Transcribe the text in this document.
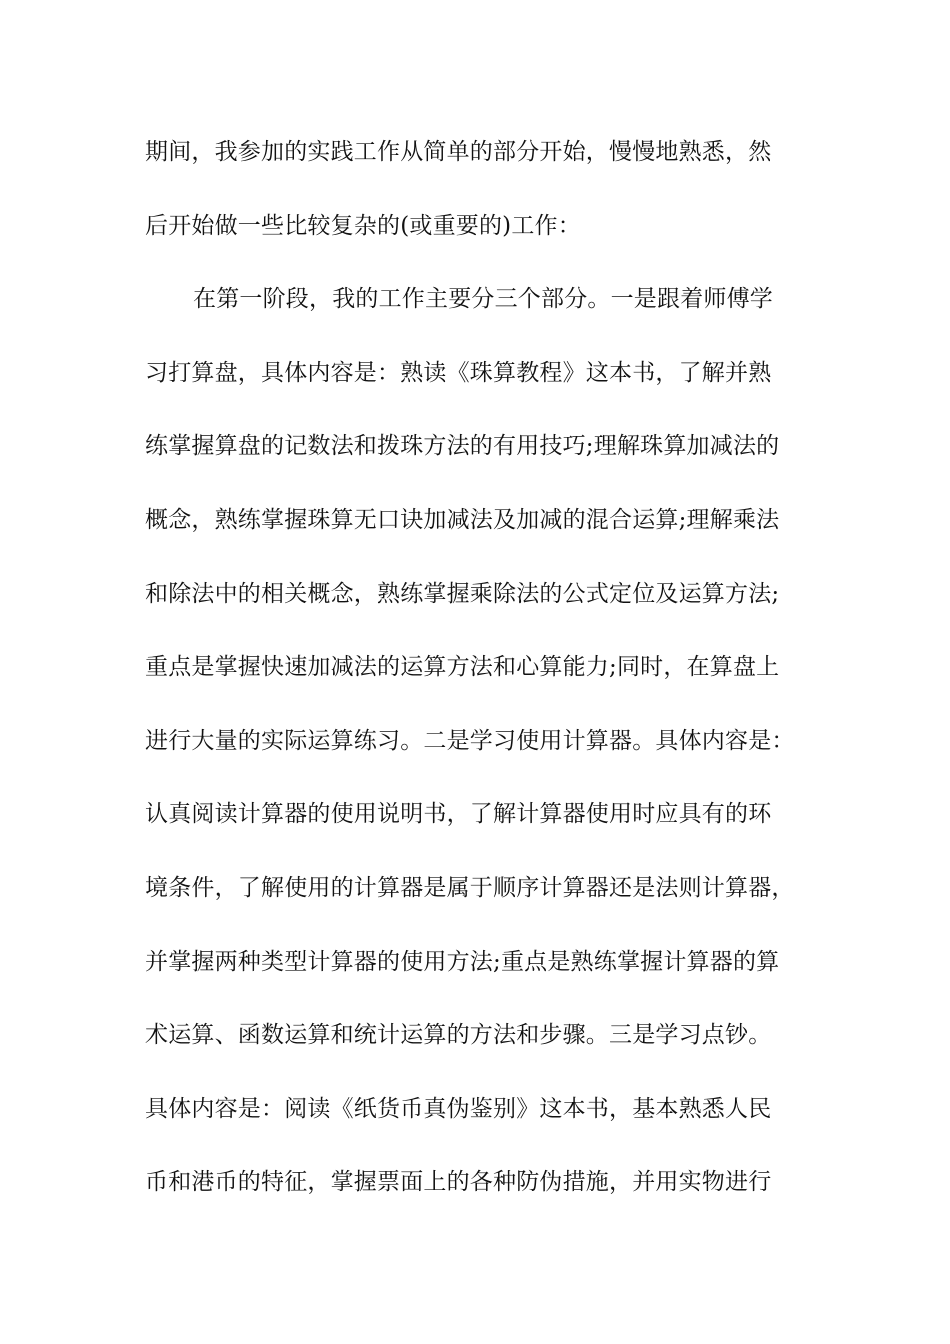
期间，我参加的实践工作从简单的部分开始，慢慢地熟悉，然
后开始做一些比较复杂的(或重要的)工作：
在第一阶段，我的工作主要分三个部分。一是跟着师傅学
习打算盘，具体内容是：熟读《珠算教程》这本书，了解并熟
练掌握算盘的记数法和拨珠方法的有用技巧;理解珠算加减法的
概念，熟练掌握珠算无口诀加减法及加减的混合运算;理解乘法
和除法中的相关概念，熟练掌握乘除法的公式定位及运算方法;
重点是掌握快速加减法的运算方法和心算能力;同时，在算盘上
进行大量的实际运算练习。二是学习使用计算器。具体内容是：
认真阅读计算器的使用说明书，了解计算器使用时应具有的环
境条件，了解使用的计算器是属于顺序计算器还是法则计算器，
并掌握两种类型计算器的使用方法;重点是熟练掌握计算器的算
术运算、函数运算和统计运算的方法和步骤。三是学习点钞。
具体内容是：阅读《纸货币真伪鉴别》这本书，基本熟悉人民
币和港币的特征，掌握票面上的各种防伪措施，并用实物进行
